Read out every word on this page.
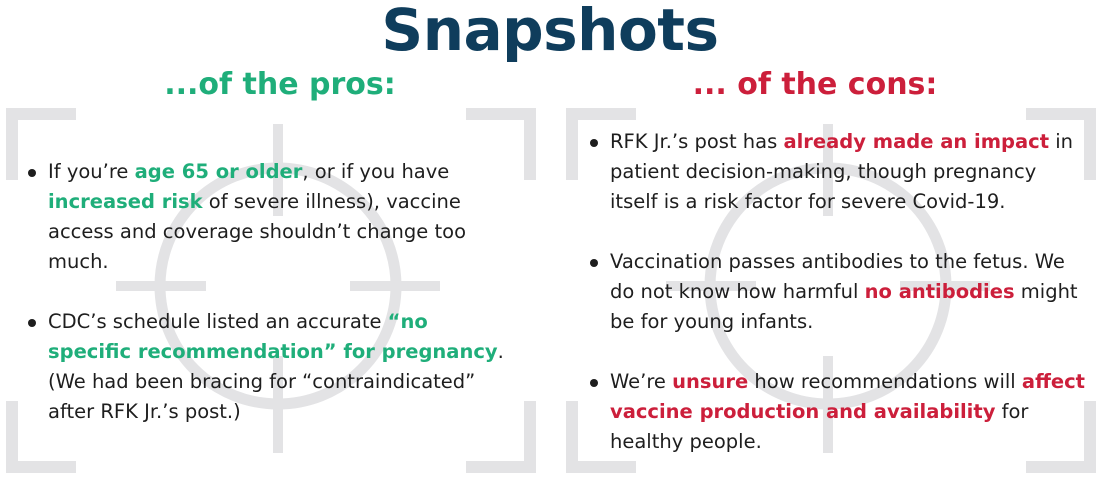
Snapshots
...of the pros:	... of the cons:
If you’re age 65 or older, or if you have increased risk of severe illness), vaccine access and coverage shouldn’t change too much.
CDC’s schedule listed an accurate “no specific recommendation” for pregnancy. (We had been bracing for “contraindicated” after RFK Jr.’s post.)
RFK Jr.’s post has already made an impact in patient decision-making, though pregnancy itself is a risk factor for severe Covid-19.
Vaccination passes antibodies to the fetus. We do not know how harmful no antibodies might be for young infants.
We’re unsure how recommendations will affect vaccine production and availability for healthy people.
